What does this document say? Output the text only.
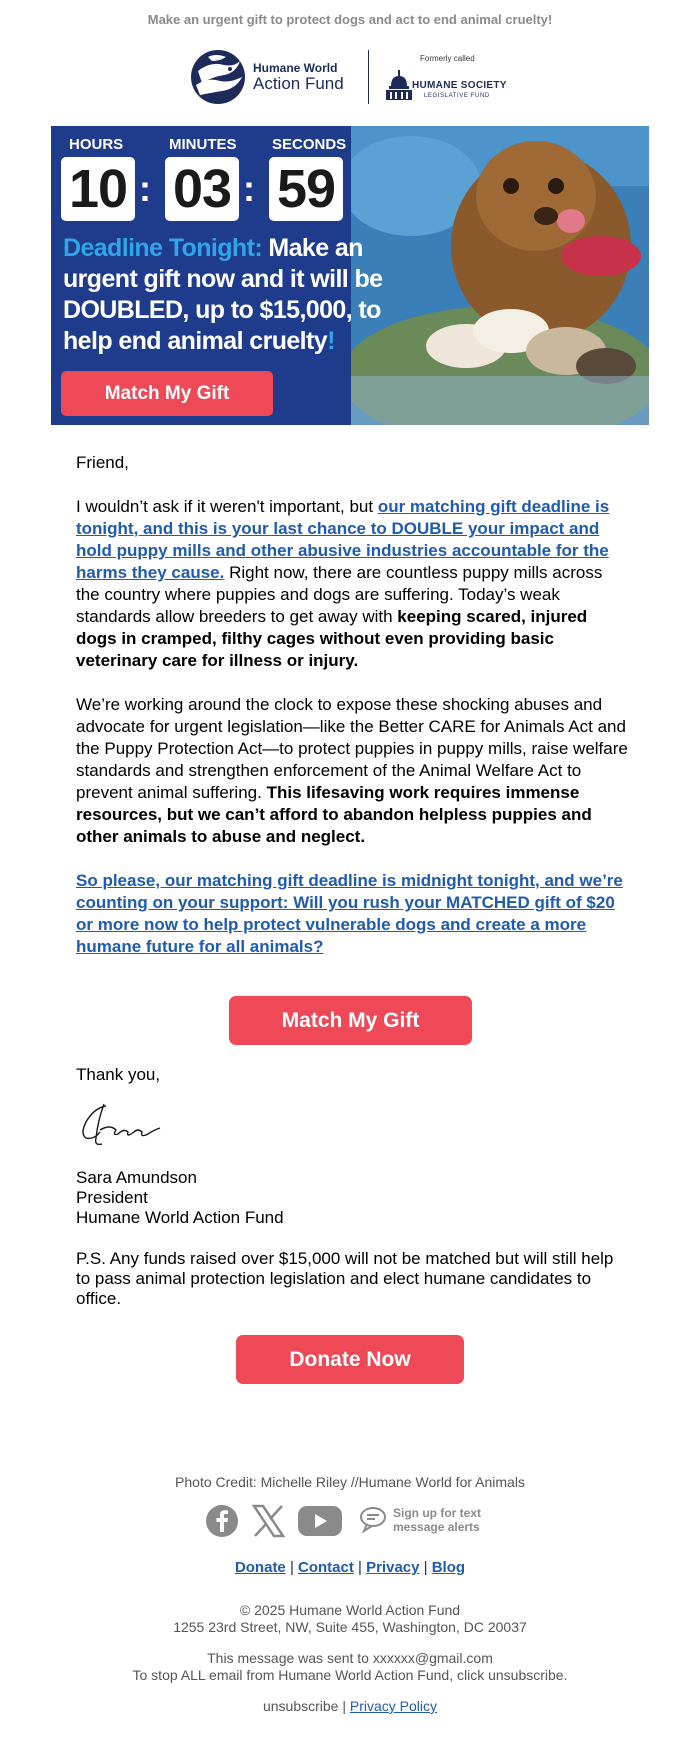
Make an urgent gift to protect dogs and act to end animal cruelty!
Humane World
Action Fund
Formerly called
HUMANE SOCIETY
LEGISLATIVE FUND
HOURS
10 :
MINUTES
03 :
SECONDS
59
Deadline Tonight: Make an urgent gift now and it will be DOUBLED, up to $15,000, to help end animal cruelty!
Match My Gift

Friend,

I wouldn’t ask if it weren't important, but our matching gift deadline is tonight, and this is your last chance to DOUBLE your impact and hold puppy mills and other abusive industries accountable for the harms they cause. Right now, there are countless puppy mills across the country where puppies and dogs are suffering. Today’s weak standards allow breeders to get away with keeping scared, injured dogs in cramped, filthy cages without even providing basic veterinary care for illness or injury.

We’re working around the clock to expose these shocking abuses and advocate for urgent legislation—like the Better CARE for Animals Act and the Puppy Protection Act—to protect puppies in puppy mills, raise welfare standards and strengthen enforcement of the Animal Welfare Act to prevent animal suffering. This lifesaving work requires immense resources, but we can’t afford to abandon helpless puppies and other animals to abuse and neglect.

So please, our matching gift deadline is midnight tonight, and we’re counting on your support: Will you rush your MATCHED gift of $20 or more now to help protect vulnerable dogs and create a more humane future for all animals?

Match My Gift
Thank you,
Sara Amundson
President
Humane World Action Fund
P.S. Any funds raised over $15,000 will not be matched but will still help to pass animal protection legislation and elect humane candidates to office.
Donate Now
Photo Credit: Michelle Riley //Humane World for Animals
Sign up for text
message alerts
Donate | Contact | Privacy | Blog
© 2025 Humane World Action Fund
1255 23rd Street, NW, Suite 455, Washington, DC 20037
This message was sent to xxxxxx@gmail.com
To stop ALL email from Humane World Action Fund, click unsubscribe.
unsubscribe | Privacy Policy
